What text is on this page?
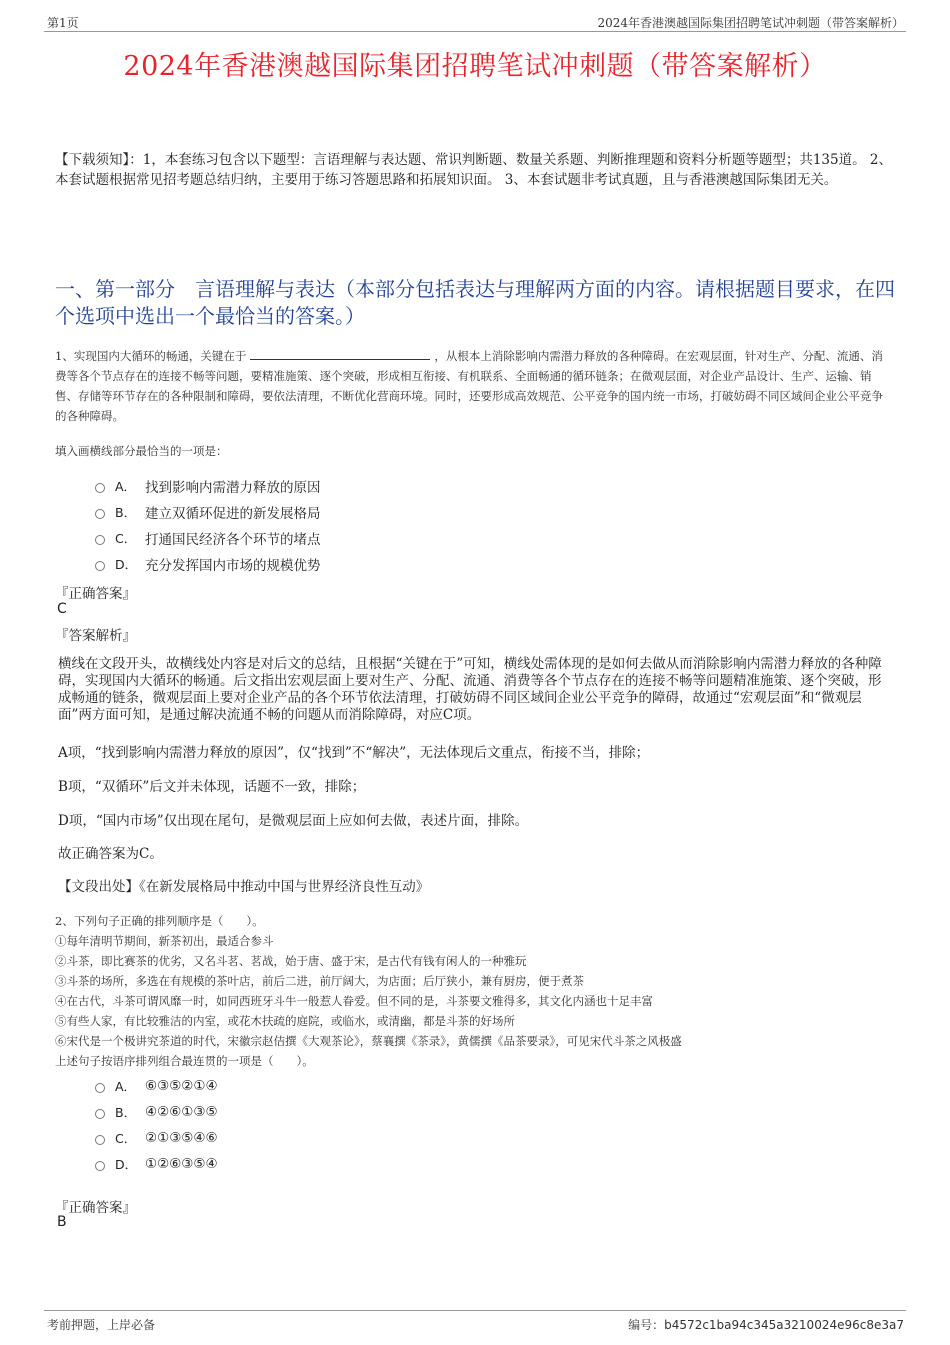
第1页	2024年香港澳越国际集团招聘笔试冲刺题（带答案解析）
2024年香港澳越国际集团招聘笔试冲刺题（带答案解析）
【下载须知】：1，本套练习包含以下题型：言语理解与表达题、常识判断题、数量关系题、判断推理题和资料分析题等题型；共135道。 2、本套试题根据常见招考题总结归纳，主要用于练习答题思路和拓展知识面。 3、本套试题非考试真题，且与香港澳越国际集团无关。
一、第一部分　言语理解与表达（本部分包括表达与理解两方面的内容。请根据题目要求，在四个选项中选出一个最恰当的答案。）
1、实现国内大循环的畅通，关键在于	，从根本上消除影响内需潜力释放的各种障碍。在宏观层面，针对生产、分配、流通、消费等各个节点存在的连接不畅等问题，要精准施策、逐个突破，形成相互衔接、有机联系、全面畅通的循环链条；在微观层面，对企业产品设计、生产、运输、销售、存储等环节存在的各种限制和障碍，要依法清理，不断优化营商环境。同时，还要形成高效规范、公平竞争的国内统一市场，打破妨碍不同区域间企业公平竞争的各种障碍。
填入画横线部分最恰当的一项是：
A． 找到影响内需潜力释放的原因
B． 建立双循环促进的新发展格局
C． 打通国民经济各个环节的堵点
D． 充分发挥国内市场的规模优势
『正确答案』
C
『答案解析』
横线在文段开头，故横线处内容是对后文的总结，且根据“关键在于”可知，横线处需体现的是如何去做从而消除影响内需潜力释放的各种障碍，实现国内大循环的畅通。后文指出宏观层面上要对生产、分配、流通、消费等各个节点存在的连接不畅等问题精准施策、逐个突破，形成畅通的链条，微观层面上要对企业产品的各个环节依法清理，打破妨碍不同区域间企业公平竞争的障碍，故通过“宏观层面”和“微观层面”两方面可知，是通过解决流通不畅的问题从而消除障碍，对应C项。
A项，“找到影响内需潜力释放的原因”，仅“找到”不“解决”，无法体现后文重点，衔接不当，排除；
B项，“双循环”后文并未体现，话题不一致，排除；
D项，“国内市场”仅出现在尾句，是微观层面上应如何去做，表述片面，排除。
故正确答案为C。
【文段出处】《在新发展格局中推动中国与世界经济良性互动》
2、下列句子正确的排列顺序是（　　）。
①每年清明节期间，新茶初出，最适合参斗
②斗茶，即比赛茶的优劣，又名斗茗、茗战，始于唐、盛于宋，是古代有钱有闲人的一种雅玩
③斗茶的场所，多选在有规模的茶叶店，前后二进，前厅阔大，为店面；后厅狭小，兼有厨房，便于煮茶
④在古代，斗茶可谓风靡一时，如同西班牙斗牛一般惹人眷爱。但不同的是，斗茶要文雅得多，其文化内涵也十足丰富
⑤有些人家，有比较雅洁的内室，或花木扶疏的庭院，或临水，或清幽，都是斗茶的好场所
⑥宋代是一个极讲究茶道的时代，宋徽宗赵佶撰《大观茶论》，蔡襄撰《茶录》，黄儒撰《品茶要录》，可见宋代斗茶之风极盛
上述句子按语序排列组合最连贯的一项是（　　）。
A． ⑥③⑤②①④
B． ④②⑥①③⑤
C． ②①③⑤④⑥
D． ①②⑥③⑤④
『正确答案』
B
考前押题，上岸必备	编号：b4572c1ba94c345a3210024e96c8e3a7
